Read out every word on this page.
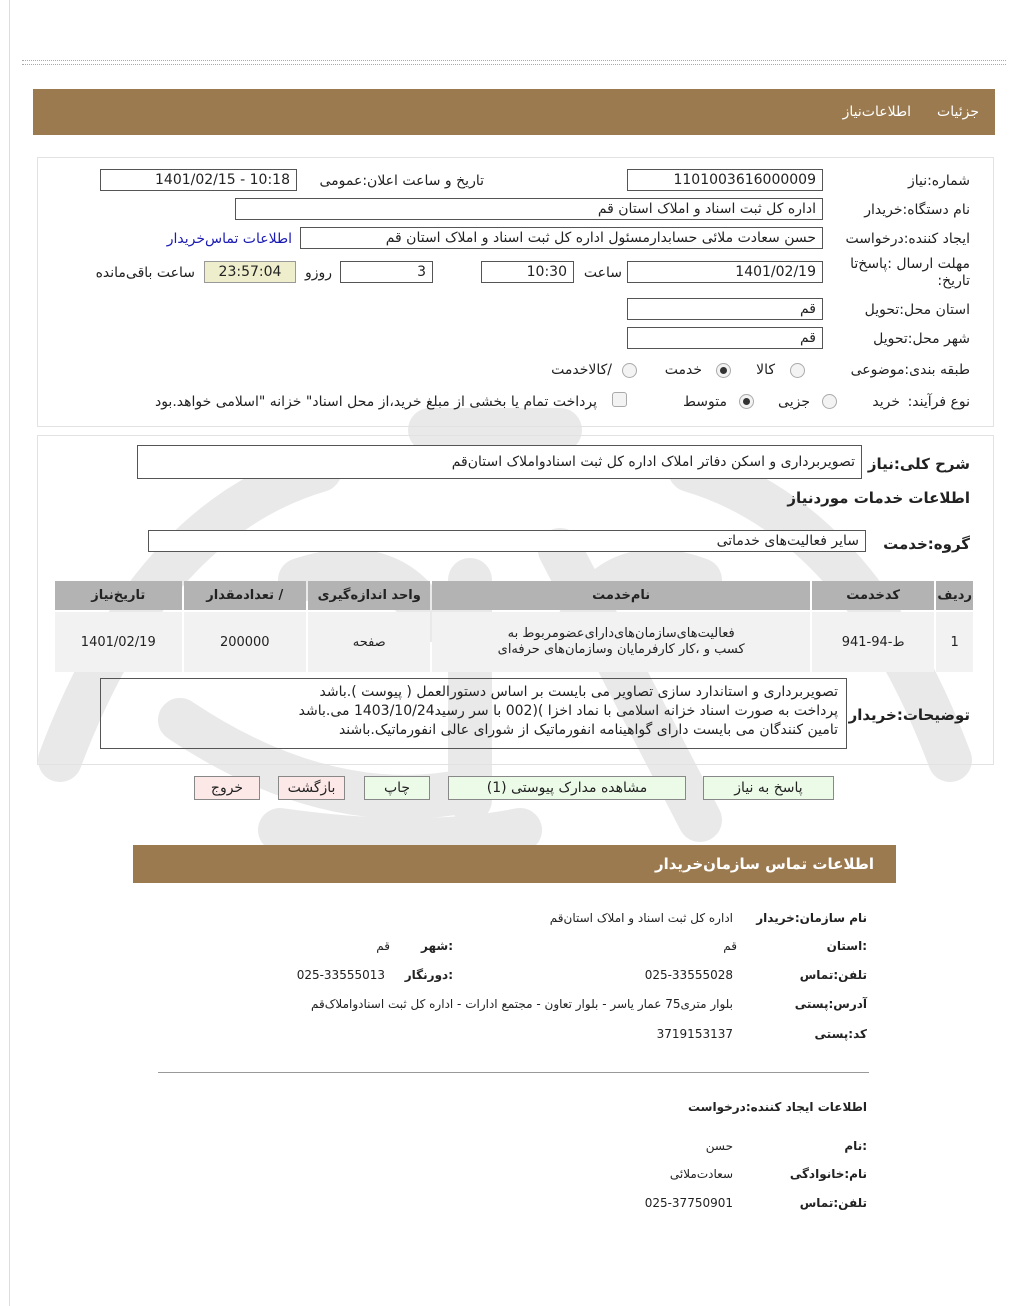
جزئیات
اطلاعات‌نیاز
شماره:نیاز
1101003616000009
تاریخ و ساعت اعلان:عمومی
1401/02/15 - 10:18
نام دستگاه:خریدار
اداره کل ثبت اسناد و املاک استان قم
ایجاد کننده:درخواست
حسن سعادت ملائی حسابدارمسئول اداره کل ثبت اسناد و املاک استان قم
اطلاعات تماس‌خریدار
مهلت ارسال :پاسخ‌تا تاریخ:
1401/02/19
ساعت
10:30
3
روزو
23:57:04
ساعت باقی‌مانده
استان محل:تحویل
قم
شهر محل:تحویل
قم
طبقه بندی:موضوعی
کالا
خدمت
/کالاخدمت
نوع فرآیند:
خرید
جزیی
متوسط
پرداخت تمام یا بخشی از مبلغ خرید،از محل اسناد" خزانه "اسلامی خواهد.بود
شرح کلی:نیاز
تصویربرداری و اسکن دفاتر املاک اداره کل ثبت اسنادواملاک استان‌قم
اطلاعات خدمات موردنیاز
گروه:خدمت
سایر فعالیت‌های خدماتی
ردیف	کدخدمت	نام‌خدمت	واحد اندازه‌گیری	/ تعدادمقدار	تاریخ‌نیاز
1	ط-94-941	فعالیت‌های‌سازمان‌های‌دارای‌عضو‌مربوط به کسب و ،کار کارفرمایان وسازمان‌های حرفه‌ای	صفحه	200000	1401/02/19
توضیحات:خریدار
تصویربرداری و استاندارد سازی تصاویر می بایست بر اساس دستورالعمل ( پیوست ).باشد
پرداخت به صورت اسناد خزانه اسلامی با نماد اخزا )(002 با سر رسید1403/10/24 می.باشد
تامین کنندگان می بایست دارای گواهینامه انفورماتیک از شورای عالی انفورماتیک.باشند
پاسخ به نیاز
مشاهده مدارک پیوستی (1)
چاپ
بازگشت
خروج
اطلاعات تماس سازمان‌خریدار
نام سازمان:خریدار
اداره کل ثبت اسناد و املاک استان‌قم
:استان
قم
:شهر
قم
تلفن:تماس
025-33555028
:دورنگار
025-33555013
آدرس:پستی
بلوار متری75 عمار یاسر - بلوار تعاون - مجتمع ادارات - اداره کل ثبت اسنادواملاک‌قم
کد:پستی
3719153137
اطلاعات ایجاد کننده:درخواست
:نام
حسن
نام:خانوادگی
سعادت‌ملائی
تلفن:تماس
025-37750901
